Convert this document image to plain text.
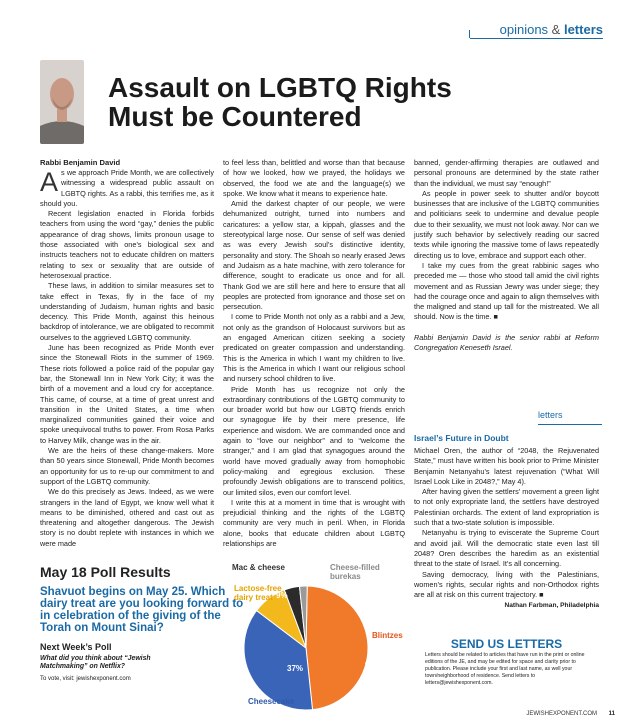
opinions & letters
Assault on LGBTQ Rights Must be Countered
Rabbi Benjamin David
A s we approach Pride Month, we are collectively witnessing a widespread public assault on LGBTQ rights. As a rabbi, this terrifies me, as it should you.

Recent legislation enacted in Florida forbids teachers from using the word “gay,” denies the public appearance of drag shows, limits pronoun usage to those associated with one’s biological sex and instructs teachers not to educate children on matters relating to sex or sexuality that are outside of heterosexual practice.

These laws, in addition to similar measures set to take effect in Texas, fly in the face of my understanding of Judaism, human rights and basic decency. This Pride Month, against this heinous backdrop of intolerance, we are obligated to recommit ourselves to the aggrieved LGBTQ community.

June has been recognized as Pride Month ever since the Stonewall Riots in the summer of 1969. These riots followed a police raid of the popular gay bar, the Stonewall Inn in New York City; it was the birth of a movement and a loud cry for acceptance. This came, of course, at a time of great unrest and transition in the United States, a time when marginalized communities gained their voice and spoke unequivocal truths to power. From Rosa Parks to Harvey Milk, change was in the air.

We are the heirs of these change-makers. More than 50 years since Stonewall, Pride Month becomes an opportunity for us to re-up our commitment to and support of the LGBTQ community.

We do this precisely as Jews. Indeed, as we were strangers in the land of Egypt, we know well what it means to be diminished, othered and cast out as threatening and altogether dangerous. The Jewish story is no doubt replete with instances in which we were made

to feel less than, belittled and worse than that because of how we looked, how we prayed, the holidays we observed, the food we ate and the language(s) we spoke. We know what it means to experience hate.

Amid the darkest chapter of our people, we were dehumanized outright, turned into numbers and caricatures: a yellow star, a kippah, glasses and the stereotypical large nose. Our sense of self was denied as was every Jewish soul’s distinctive identity, personality and story. The Shoah so nearly erased Jews and Judaism as a hate machine, with zero tolerance for difference, sought to eradicate us once and for all. Thank God we are still here and here to ensure that all peoples are protected from ignorance and those set on persecution.

I come to Pride Month not only as a rabbi and a Jew, not only as the grandson of Holocaust survivors but as an engaged American citizen seeking a society predicated on greater compassion and understanding. This is the America in which I want my children to live. This is the America in which I want our religious school and nursery school children to live.

Pride Month has us recognize not only the extraordinary contributions of the LGBTQ community to our broader world but how our LGBTQ friends enrich our synagogue life by their mere presence, life experience and wisdom. We are commanded once and again to “love our neighbor” and to “welcome the stranger,” and I am glad that synagogues around the world have moved gradually away from homophobic policy-making and egregious exclusion. These profoundly Jewish obligations are to transcend politics, our limited silos, even our comfort level.

I write this at a moment in time that is wrought with prejudicial thinking and the rights of the LGBTQ community are very much in peril. When, in Florida alone, books that educate children about LGBTQ relationships are

banned, gender-affirming therapies are outlawed and personal pronouns are determined by the state rather than the individual, we must say “enough!”

As people in power seek to shutter and/or boycott businesses that are inclusive of the LGBTQ communities and politicians seek to undermine and devalue people due to their sexuality, we must not look away. Nor can we justify such behavior by selectively reading our sacred texts while ignoring the massive tome of laws repeatedly directing us to love, embrace and support each other.

I take my cues from the great rabbinic sages who preceded me — those who stood tall amid the civil rights movement and as Russian Jewry was under siege; they had the courage once and again to align themselves with the maligned and stand up tall for the mistreated. We all should. Now is the time. ■

Rabbi Benjamin David is the senior rabbi at Reform Congregation Keneseth Israel.

letters
Israel’s Future in Doubt

Michael Oren, the author of “2048, the Rejuvenated State,” must have written his book prior to Prime Minister Benjamin Netanyahu’s latest rejuvenation (“What Will Israel Look Like in 2048?,” May 4).

After having given the settlers’ movement a green light to not only expropriate land, the settlers have destroyed Palestinian orchards. The extent of land expropriation is such that a two-state solution is impossible.

Netanyahu is trying to eviscerate the Supreme Court and avoid jail. Will the democratic state even last till 2048? Oren describes the haredim as an existential threat to the state of Israel. It’s all concerning.

Saving democracy, living with the Palestinians, women’s rights, secular rights and non-Orthodox rights are all at risk on this current trajectory. ■

Nathan Farbman, Philadelphia
SEND US LETTERS
Letters should be related to articles that have run in the print or online editions of the JE, and may be edited for space and clarity prior to publication. Please include your first and last name, as well your town/neighborhood of residence. Send letters to letters@jewishexponent.com.
May 18 Poll Results
Shavuot begins on May 25. Which dairy treat are you looking forward to in celebration of the giving of the Torah on Mount Sinai?
Next Week’s Poll
What did you think about “Jewish Matchmaking” on Netflix?
To vote, visit: jewishexponent.com
48%
37%
9%
4% 2%
Blintzes
Cheesecake
Lactose-free
dairy treat
Mac & cheese	Cheese-filled
burekas
JEWISHEXPONENT.COM 11
